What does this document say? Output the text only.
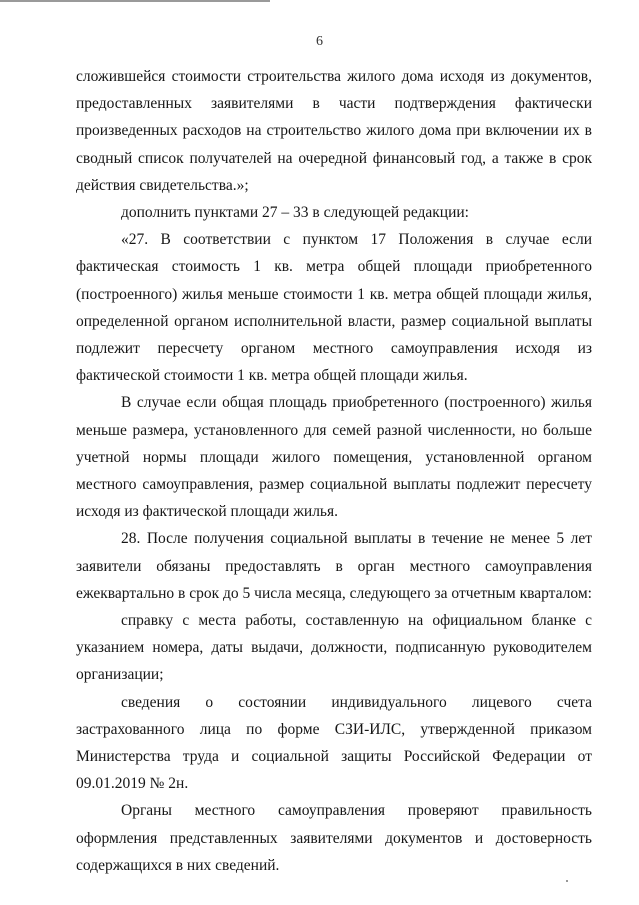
6

сложившейся стоимости строительства жилого дома исходя из документов, предоставленных заявителями в части подтверждения фактически произведенных расходов на строительство жилого дома при включении их в сводный список получателей на очередной финансовый год, а также в срок действия свидетельства.»;

дополнить пунктами 27 – 33 в следующей редакции:

«27. В соответствии с пунктом 17 Положения в случае если фактическая стоимость 1 кв. метра общей площади приобретенного (построенного) жилья меньше стоимости 1 кв. метра общей площади жилья, определенной органом исполнительной власти, размер социальной выплаты подлежит пересчету органом местного самоуправления исходя из фактической стоимости 1 кв. метра общей площади жилья.

В случае если общая площадь приобретенного (построенного) жилья меньше размера, установленного для семей разной численности, но больше учетной нормы площади жилого помещения, установленной органом местного самоуправления, размер социальной выплаты подлежит пересчету исходя из фактической площади жилья.

28. После получения социальной выплаты в течение не менее 5 лет заявители обязаны предоставлять в орган местного самоуправления ежеквартально в срок до 5 числа месяца, следующего за отчетным кварталом:

справку с места работы, составленную на официальном бланке с указанием номера, даты выдачи, должности, подписанную руководителем организации;

сведения о состоянии индивидуального лицевого счета застрахованного лица по форме СЗИ-ИЛС, утвержденной приказом Министерства труда и социальной защиты Российской Федерации от 09.01.2019 № 2н.

Органы местного самоуправления проверяют правильность оформления представленных заявителями документов и достоверность содержащихся в них сведений.
